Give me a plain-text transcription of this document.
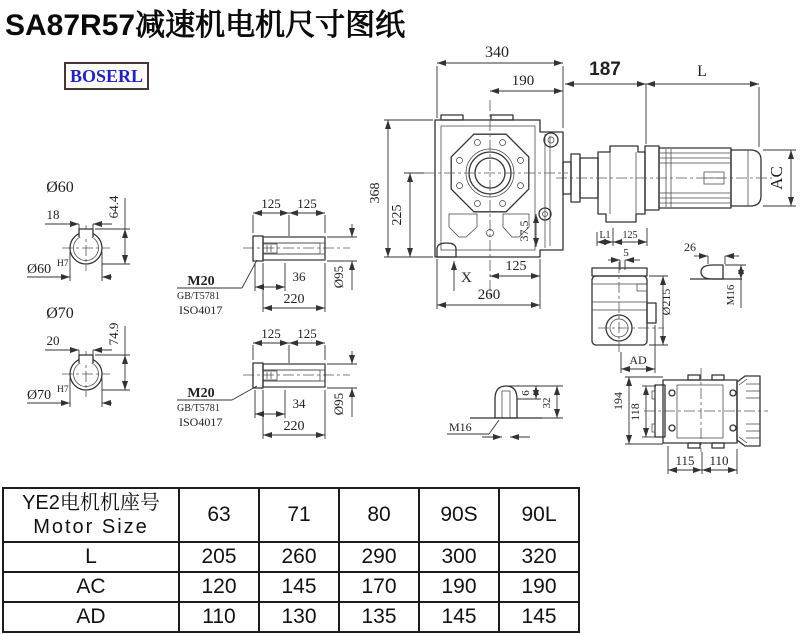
Ø60
18	64.4
Ø60 H7
Ø70
20	74.9
Ø70 H7
125 125
M20
GB/T5781
ISO4017
36
220
Ø95
125 125
M20
GB/T5781
ISO4017
34
220
Ø95
340
190
368
225
37.5
125
260
X
187	L
AC
L1 125
5
Ø215
AD
26
M16
M16
6
32	194
118
115 110
SA87R57减速机电机尺寸图纸
BOSERL
YE2电机机座号
Motor Size	63	71	80	90S	90L
L	205	260	290	300	320
AC	120	145	170	190	190
AD	110	130	135	145	145
